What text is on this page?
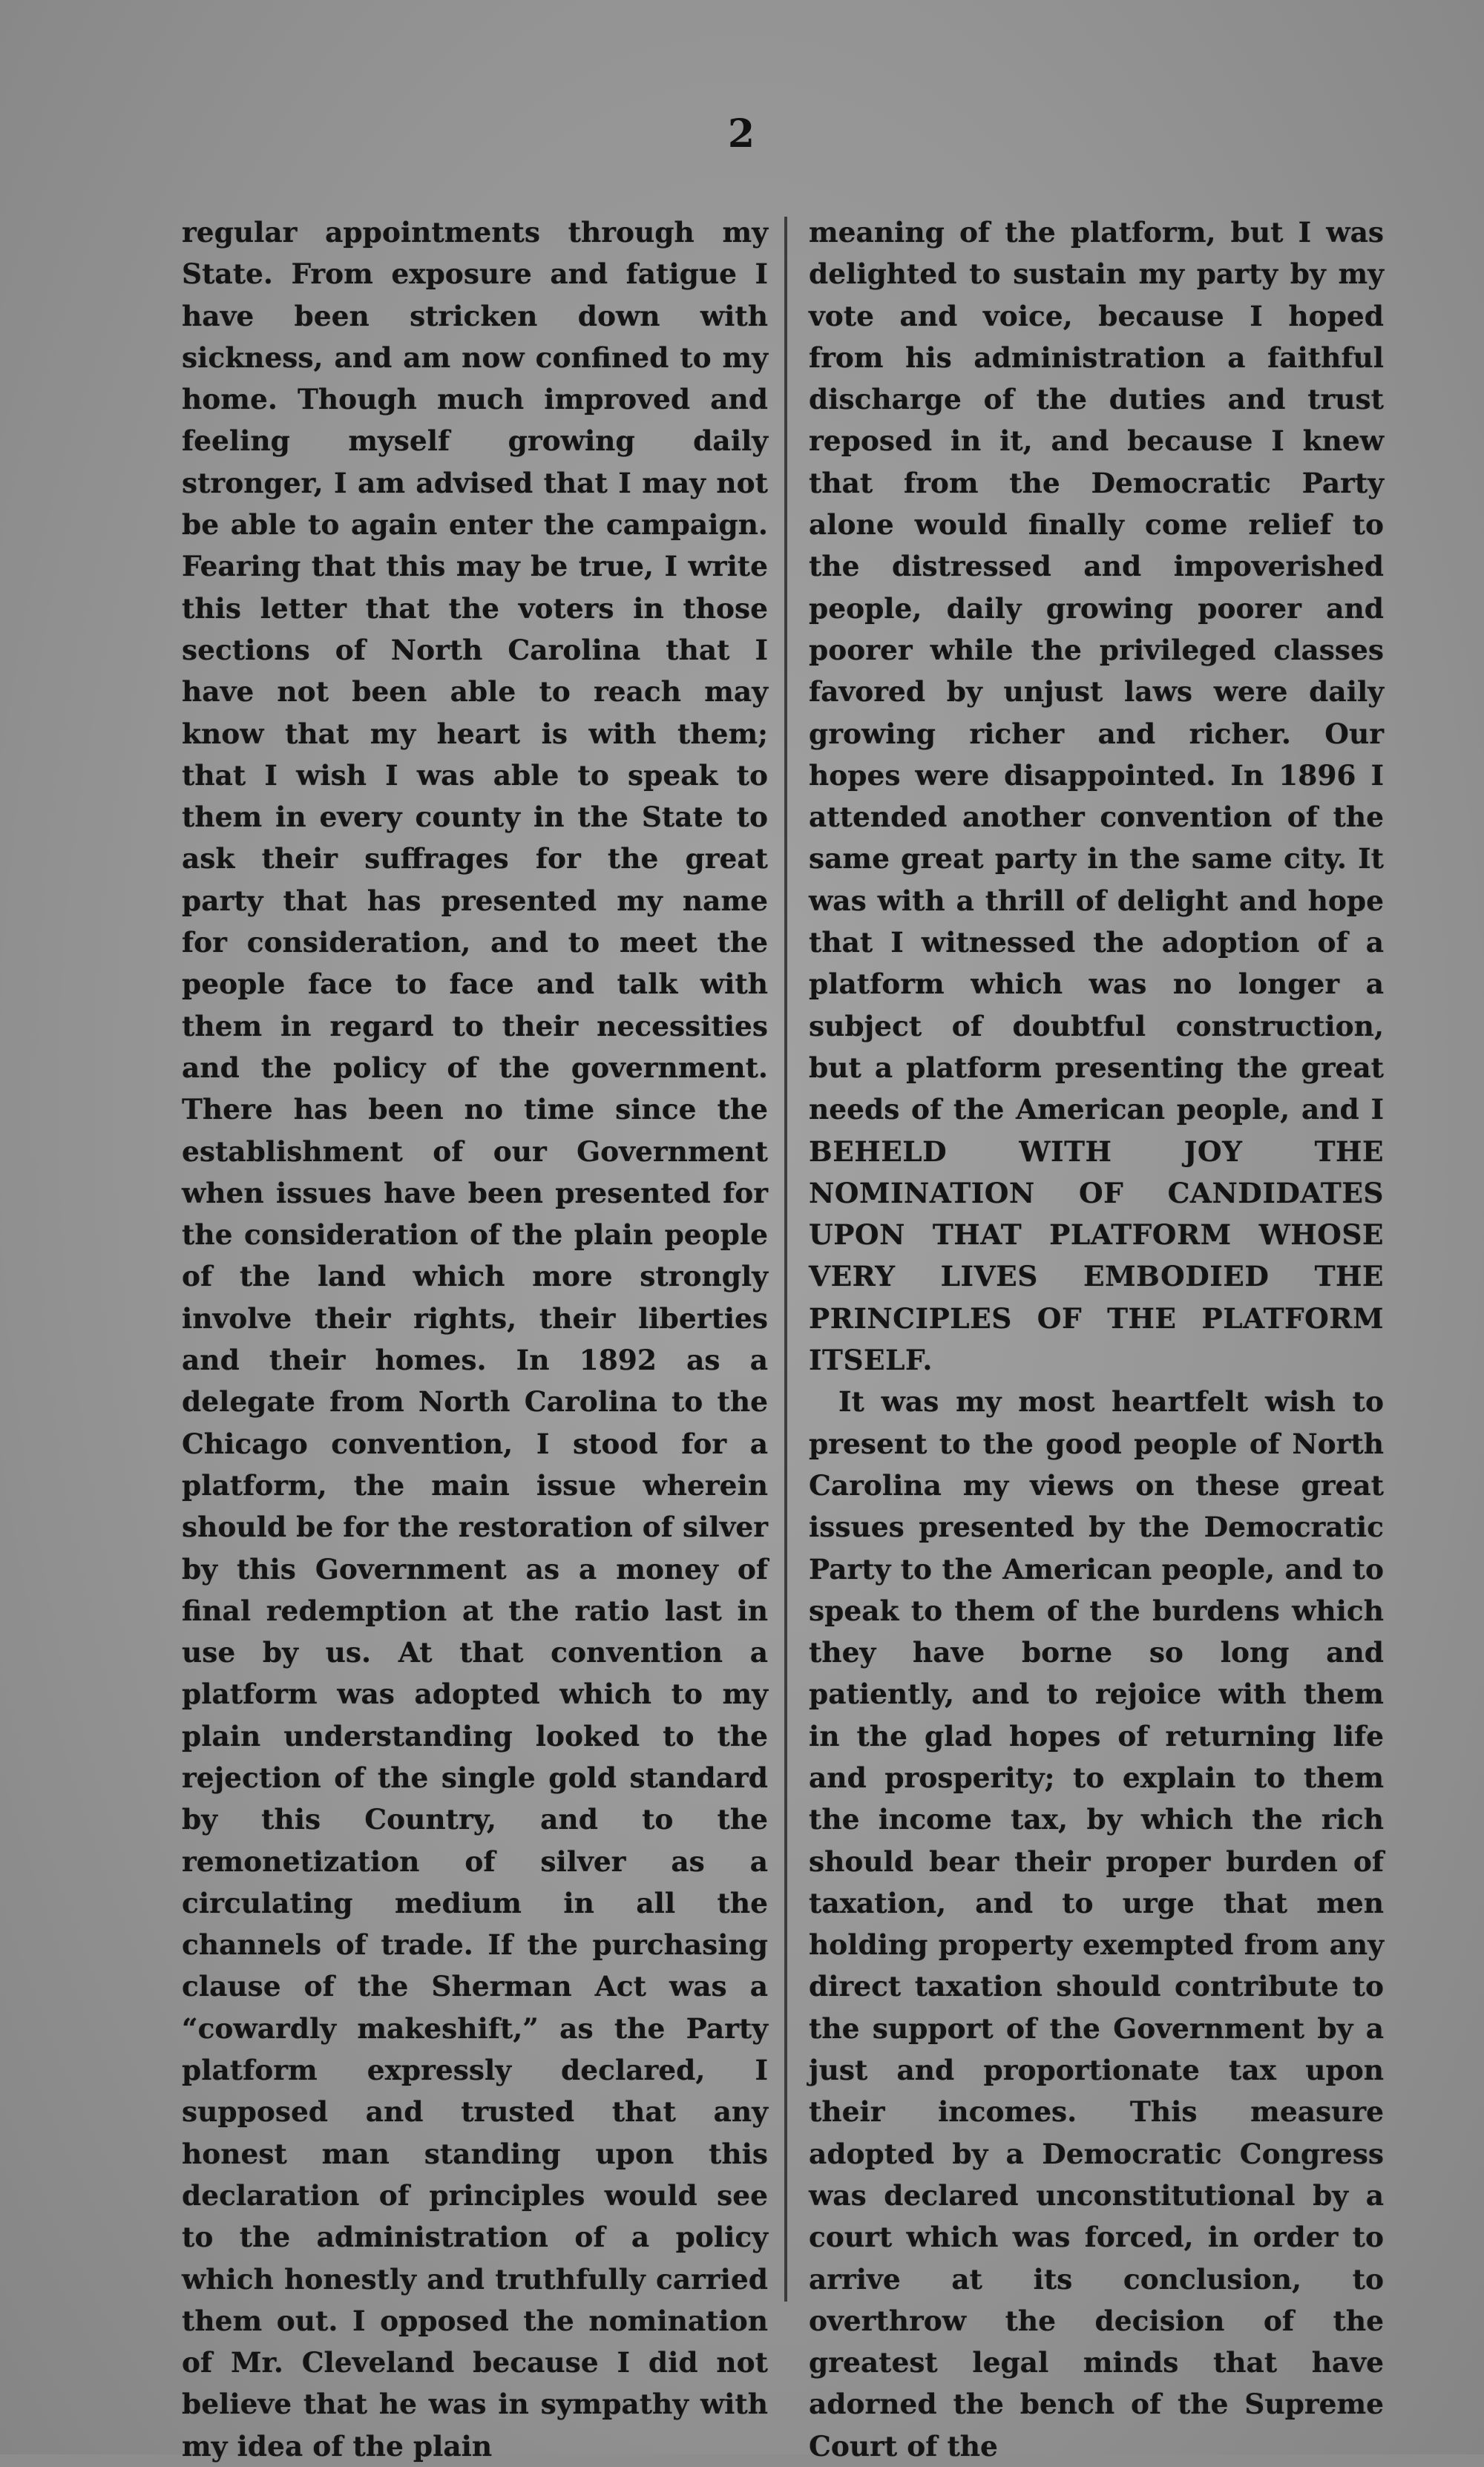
2

regular appointments through my State. From exposure and fatigue I have been stricken down with sickness, and am now confined to my home. Though much improved and feeling myself growing daily stronger, I am advised that I may not be able to again enter the campaign. Fearing that this may be true, I write this letter that the voters in those sections of North Carolina that I have not been able to reach may know that my heart is with them; that I wish I was able to speak to them in every county in the State to ask their suffrages for the great party that has presented my name for consideration, and to meet the people face to face and talk with them in regard to their necessities and the policy of the government. There has been no time since the establishment of our Government when issues have been presented for the consideration of the plain people of the land which more strongly involve their rights, their liberties and their homes. In 1892 as a delegate from North Carolina to the Chicago convention, I stood for a platform, the main issue wherein should be for the restoration of silver by this Government as a money of final redemption at the ratio last in use by us. At that convention a platform was adopted which to my plain understanding looked to the rejection of the single gold standard by this Country, and to the remonetization of silver as a circulating medium in all the channels of trade. If the purchasing clause of the Sherman Act was a “cowardly makeshift,” as the Party platform expressly declared, I supposed and trusted that any honest man standing upon this declaration of principles would see to the administration of a policy which honestly and truthfully carried them out. I opposed the nomination of Mr. Cleveland because I did not believe that he was in sympathy with my idea of the plain

meaning of the platform, but I was delighted to sustain my party by my vote and voice, because I hoped from his administration a faithful discharge of the duties and trust reposed in it, and because I knew that from the Democratic Party alone would finally come relief to the distressed and impoverished people, daily growing poorer and poorer while the privileged classes favored by unjust laws were daily growing richer and richer. Our hopes were disappointed. In 1896 I attended another convention of the same great party in the same city. It was with a thrill of delight and hope that I witnessed the adoption of a platform which was no longer a subject of doubtful construction, but a platform presenting the great needs of the American people, and I BEHELD WITH JOY THE NOMINATION OF CANDIDATES UPON THAT PLATFORM WHOSE VERY LIVES EMBODIED THE PRINCIPLES OF THE PLATFORM ITSELF.

It was my most heartfelt wish to present to the good people of North Carolina my views on these great issues presented by the Democratic Party to the American people, and to speak to them of the burdens which they have borne so long and patiently, and to rejoice with them in the glad hopes of returning life and prosperity; to explain to them the income tax, by which the rich should bear their proper burden of taxation, and to urge that men holding property exempted from any direct taxation should contribute to the support of the Government by a just and proportionate tax upon their incomes. This measure adopted by a Democratic Congress was declared unconstitutional by a court which was forced, in order to arrive at its conclusion, to overthrow the decision of the greatest legal minds that have adorned the bench of the Supreme Court of the
